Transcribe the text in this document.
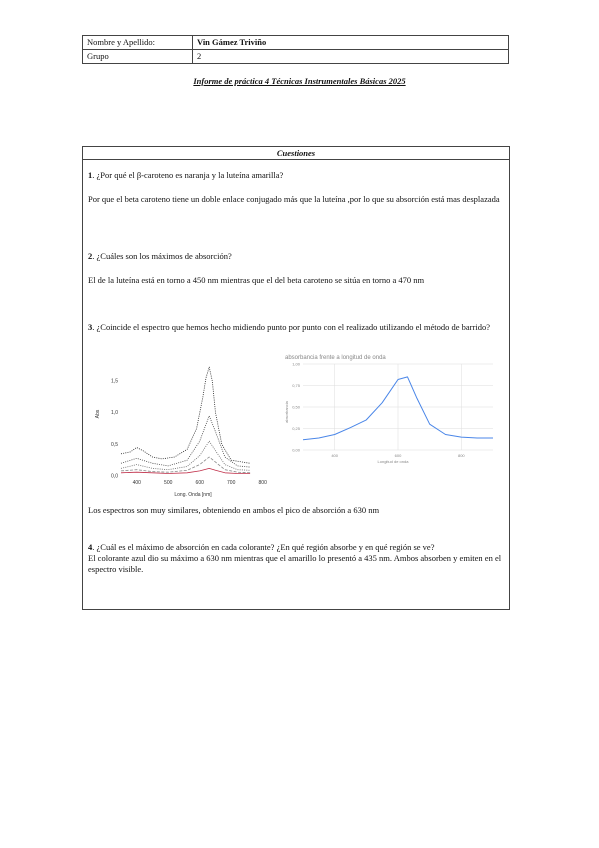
Nombre y Apellido:	Vin Gámez Triviño
Grupo	2
Informe de práctica 4 Técnicas Instrumentales Básicas 2025
Cuestiones
1. ¿Por qué el β-caroteno es naranja y la luteína amarilla?
Por que el beta caroteno tiene un doble enlace conjugado más que la luteína ,por lo que su absorción está mas desplazada
2. ¿Cuáles son los máximos de absorción?
El de la luteína está en torno a 450 nm mientras que el del beta caroteno se sitúa en torno a 470 nm
3. ¿Coincide el espectro que hemos hecho midiendo punto por punto con el realizado utilizando el método de barrido?
Abs
Long. Onda [nm]
0,0
0,5
1,0
1,5
400	500	600	700	800
absorbancia frente a longitud de onda
absorbancia
Longitud de onda
0,00
0,25
0,50
0,75
1,00
400	600	800
Los espectros son muy similares, obteniendo en ambos el pico de absorción a 630 nm
4. ¿Cuál es el máximo de absorción en cada colorante? ¿En qué región absorbe y en qué región se ve?
El colorante azul dio su máximo a 630 nm mientras que el amarillo lo presentó a 435 nm. Ambos absorben y emiten en el espectro visible.
